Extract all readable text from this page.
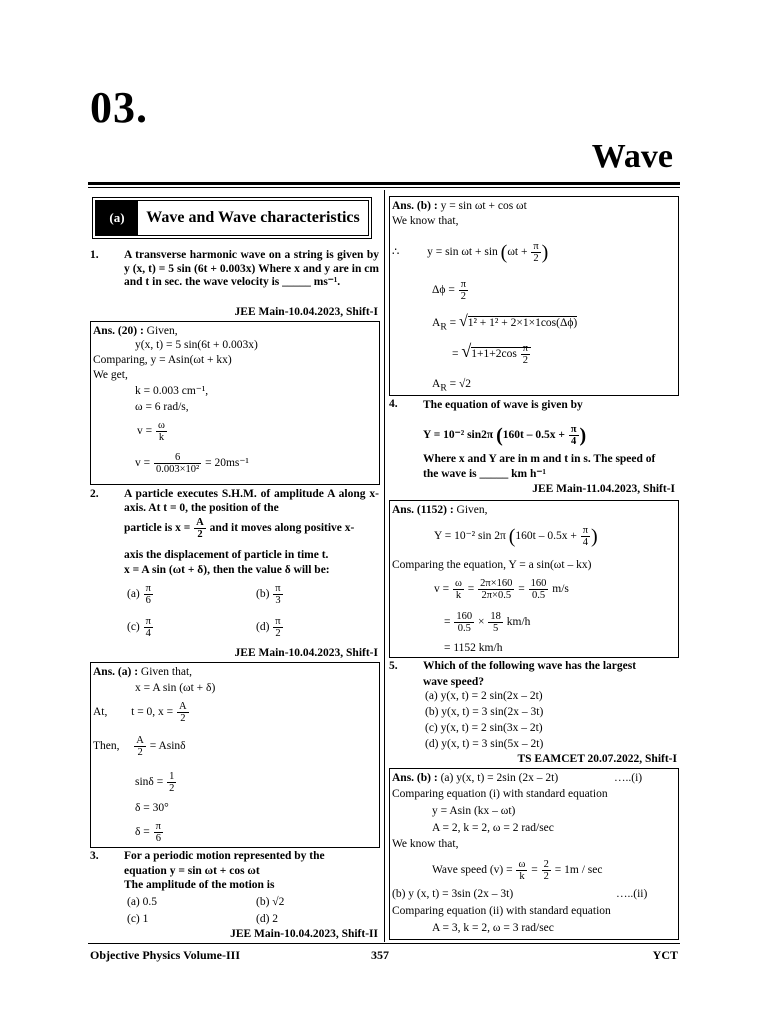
03.
Wave
(a)	Wave and Wave characteristics
1. A transverse harmonic wave on a string is given by y (x, t) = 5 sin (6t + 0.003x) Where x and y are in cm and t in sec. the wave velocity is _____ ms⁻¹.
JEE Main-10.04.2023, Shift-I
Ans. (20) : Given,
y(x, t) = 5 sin(6t + 0.003x)
Comparing, y = Asin(ωt + kx)
We get,
k = 0.003 cm⁻¹,
ω = 6 rad/s,
$v = \frac{\omega}{k}$
$v = \frac{6}{\text{0.003×10²}} = 20ms^{-1}$
2. A particle executes S.H.M. of amplitude A along x-axis. At t = 0, the position of the
particle is $x = \frac{A}{2}$ and it moves along positive x-
axis the displacement of particle in time t.
x = A sin (ωt + δ), then the value δ will be:
$(a) \frac{\pi}{6}$	$(b) \frac{\pi}{3}$
$(c) \frac{\pi}{4}$	$(d) \frac{\pi}{2}$
JEE Main-10.04.2023, Shift-I
Ans. (a) : Given that,
x = A sin (ωt + δ)
At, t = 0, $x = \frac{A}{2}$
Then, $\frac{A}{2} = Asin\delta$
$\sin\delta = \frac{1}{2}$
δ = 30°
$\delta = \frac{\pi}{6}$
3. For a periodic motion represented by the
equation y = sin ωt + cos ωt
The amplitude of the motion is
(a) 0.5	(b) √2
(c) 1	(d) 2
JEE Main-10.04.2023, Shift-II
Ans. (b) : y = sin ωt + cos ωt
We know that,
∴ $y = \sin \omega t + \sin (\omega t + \frac{\pi}{2}$ )
$\Delta\phi = \frac{\pi}{2}$
$A_R = √1^2 + 1^2 + 2\times 1\times 1\cos(\Delta\phi)$
= $√1+1+2\cos \frac{\pi}{2}$
$A_R = √2$
4. The equation of wave is given by
Y = 10⁻² sin2π ($160t - 0.5x + \frac{\pi}{4}$ )
Where x and Y are in m and t in s. The speed of
the wave is _____ km h⁻¹
JEE Main-11.04.2023, Shift-I
Ans. (1152) : Given,
Y = 10⁻² sin 2π ($160t - 0.5x + \frac{\pi}{4}$ )
Comparing the equation, Y = a sin(ωt – kx)
$v = \frac{\omega}{k} = \frac{2\pi\times 160}{2\pi\times 0.5} = \frac{160}{0.5} m/s$
= $\frac{160}{0.5} \times \frac{18}{5} km/h$
= 1152 km/h
5. Which of the following wave has the largest
wave speed?
(a) y(x, t) = 2 sin(2x – 2t)
(b) y(x, t) = 3 sin(2x – 3t)
(c) y(x, t) = 2 sin(3x – 2t)
(d) y(x, t) = 3 sin(5x – 2t)
TS EAMCET 20.07.2022, Shift-I
Ans. (b) : (a) y(x, t) = 2sin (2x – 2t)	…..(i)
Comparing equation (i) with standard equation
y = Asin (kx – ωt)
A = 2, k = 2, ω = 2 rad/sec
We know that,
Wave speed $(v) = \frac{\omega}{k} = \frac{2}{2} = 1m / \sec$
(b) y (x, t) = 3sin (2x – 3t)	…..(ii)
Comparing equation (ii) with standard equation
A = 3, k = 2, ω = 3 rad/sec
Objective Physics Volume-III	357	YCT
